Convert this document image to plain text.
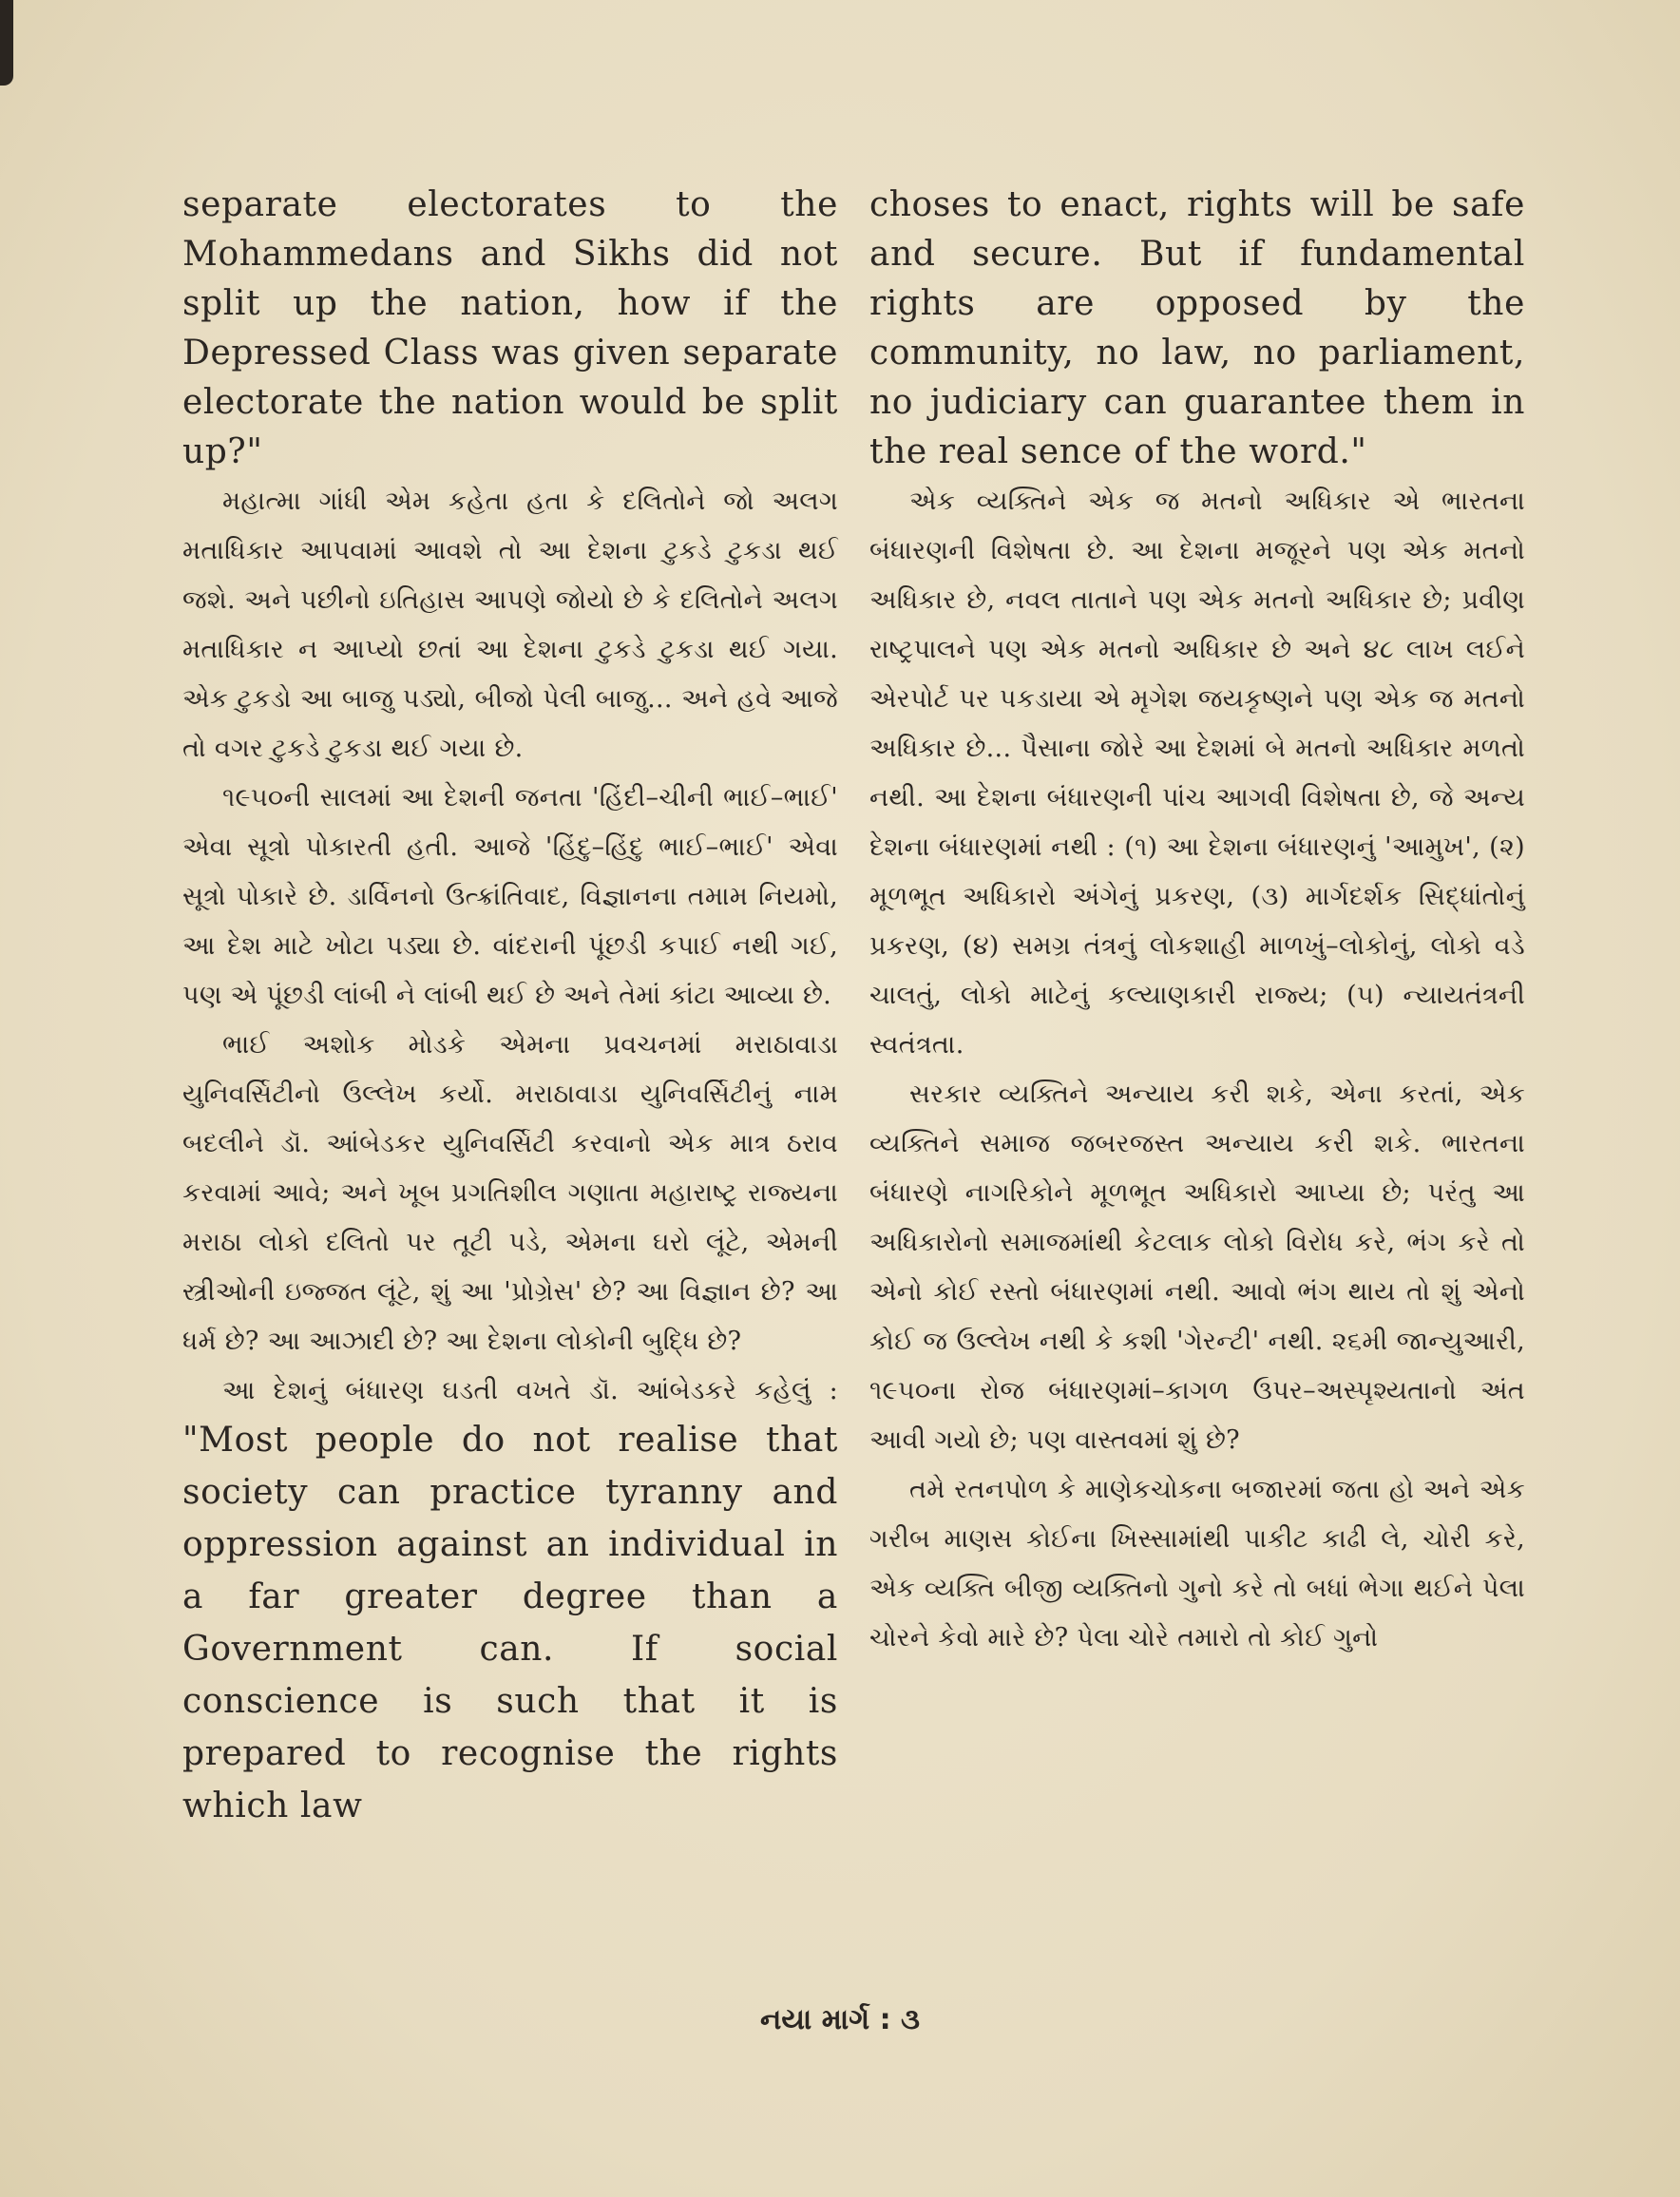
separate electorates to the Mohammedans and Sikhs did not split up the nation, how if the Depressed Class was given separate electorate the nation would be split up?"

મહાત્મા ગાંધી એમ કહેતા હતા કે દલિતોને જો અલગ મતાધિકાર આપવામાં આવશે તો આ દેશના ટુકડે ટુકડા થઈ જશે. અને પછીનો ઇતિહાસ આપણે જોયો છે કે દલિતોને અલગ મતાધિકાર ન આપ્યો છતાં આ દેશના ટુકડે ટુકડા થઈ ગયા. એક ટુકડો આ બાજુ પડ્યો, બીજો પેલી બાજુ... અને હવે આજે તો વગર ટુકડે ટુકડા થઈ ગયા છે.

૧૯૫૦ની સાલમાં આ દેશની જનતા 'હિંદી–ચીની ભાઈ–ભાઈ' એવા સૂત્રો પોકારતી હતી. આજે 'હિંદુ–હિંદુ ભાઈ–ભાઈ' એવા સૂત્રો પોકારે છે. ડાર્વિનનો ઉત્ક્રાંતિવાદ, વિજ્ઞાનના તમામ નિયમો, આ દેશ માટે ખોટા પડ્યા છે. વાંદરાની પૂંછડી કપાઈ નથી ગઈ, પણ એ પૂંછડી લાંબી ને લાંબી થઈ છે અને તેમાં કાંટા આવ્યા છે.

ભાઈ અશોક મોડકે એમના પ્રવચનમાં મરાઠાવાડા યુનિવર્સિટીનો ઉલ્લેખ કર્યો. મરાઠાવાડા યુનિવર્સિટીનું નામ બદલીને ડૉ. આંબેડકર યુનિવર્સિટી કરવાનો એક માત્ર ઠરાવ કરવામાં આવે; અને ખૂબ પ્રગતિશીલ ગણાતા મહારાષ્ટ્ર રાજ્યના મરાઠા લોકો દલિતો પર તૂટી પડે, એમના ઘરો લૂંટે, એમની સ્ત્રીઓની ઇજ્જત લૂંટે, શું આ 'પ્રોગ્રેસ' છે? આ વિજ્ઞાન છે? આ ધર્મ છે? આ આઝાદી છે? આ દેશના લોકોની બુદ્ધિ છે?

આ દેશનું બંધારણ ઘડતી વખતે ડૉ. આંબેડકરે કહેલું : "Most people do not realise that society can practice tyranny and oppression against an individual in a far greater degree than a Government can. If social conscience is such that it is prepared to recognise the rights which law

choses to enact, rights will be safe and secure. But if fundamental rights are opposed by the community, no law, no parliament, no judiciary can guarantee them in the real sence of the word."

એક વ્યક્તિને એક જ મતનો અધિકાર એ ભારતના બંધારણની વિશેષતા છે. આ દેશના મજૂરને પણ એક મતનો અધિકાર છે, નવલ તાતાને પણ એક મતનો અધિકાર છે; પ્રવીણ રાષ્ટ્રપાલને પણ એક મતનો અધિકાર છે અને ૪૮ લાખ લઈને એરપોર્ટ પર પકડાયા એ મૃગેશ જયકૃષ્ણને પણ એક જ મતનો અધિકાર છે... પૈસાના જોરે આ દેશમાં બે મતનો અધિકાર મળતો નથી. આ દેશના બંધારણની પાંચ આગવી વિશેષતા છે, જે અન્ય દેશના બંધારણમાં નથી : (૧) આ દેશના બંધારણનું 'આમુખ', (૨) મૂળભૂત અધિકારો અંગેનું પ્રકરણ, (૩) માર્ગદર્શક સિદ્ધાંતોનું પ્રકરણ, (૪) સમગ્ર તંત્રનું લોકશાહી માળખું–લોકોનું, લોકો વડે ચાલતું, લોકો માટેનું કલ્યાણકારી રાજ્ય; (૫) ન્યાયતંત્રની સ્વતંત્રતા.

સરકાર વ્યક્તિને અન્યાય કરી શકે, એના કરતાં, એક વ્યક્તિને સમાજ જબરજસ્ત અન્યાય કરી શકે. ભારતના બંધારણે નાગરિકોને મૂળભૂત અધિકારો આપ્યા છે; પરંતુ આ અધિકારોનો સમાજમાંથી કેટલાક લોકો વિરોધ કરે, ભંગ કરે તો એનો કોઈ રસ્તો બંધારણમાં નથી. આવો ભંગ થાય તો શું એનો કોઈ જ ઉલ્લેખ નથી કે કશી 'ગેરન્ટી' નથી. ૨૬મી જાન્યુઆરી, ૧૯૫૦ના રોજ બંધારણમાં–કાગળ ઉપર–અસ્પૃશ્યતાનો અંત આવી ગયો છે; પણ વાસ્તવમાં શું છે?

તમે રતનપોળ કે માણેકચોકના બજારમાં જતા હો અને એક ગરીબ માણસ કોઈના ખિસ્સામાંથી પાકીટ કાઢી લે, ચોરી કરે, એક વ્યક્તિ બીજી વ્યક્તિનો ગુનો કરે તો બધાં ભેગા થઈને પેલા ચોરને કેવો મારે છે? પેલા ચોરે તમારો તો કોઈ ગુનો

નયા માર્ગ : ૩
